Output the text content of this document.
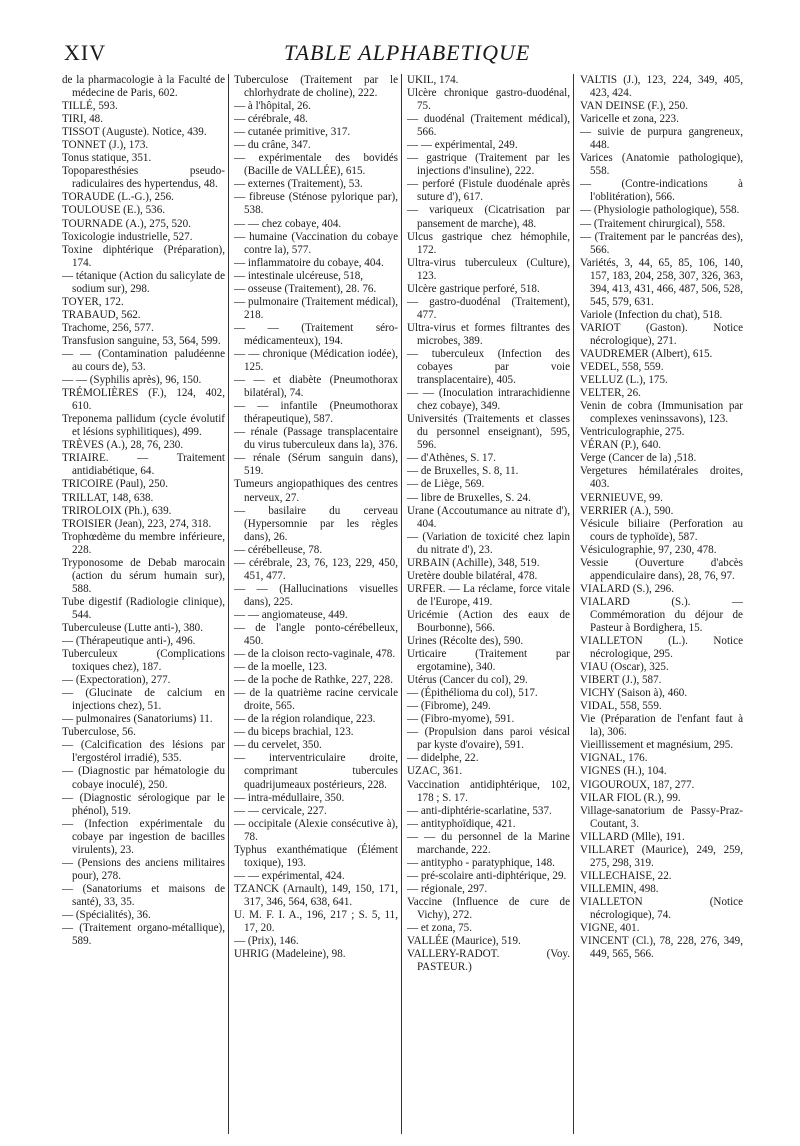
XIV	TABLE ALPHABETIQUE

de la pharmacologie à la Faculté de médecine de Paris, 602.

TILLÉ, 593.

TIRI, 48.

TISSOT (Auguste). Notice, 439.

TONNET (J.), 173.

Tonus statique, 351.

Topoparesthésies pseudo-radiculaires des hypertendus, 48.

TORAUDE (L.-G.), 256.

TOULOUSE (E.), 536.

TOURNADE (A.), 275, 520.

Toxicologie industrielle, 527.

Toxine diphtérique (Préparation), 174.

— tétanique (Action du salicylate de sodium sur), 298.

TOYER, 172.

TRABAUD, 562.

Trachome, 256, 577.

Transfusion sanguine, 53, 564, 599.

— — (Contamination paludéenne au cours de), 53.

— — (Syphilis après), 96, 150.

TRÉMOLIÈRES (F.), 124, 402, 610.

Treponema pallidum (cycle évolutif et lésions syphilitiques), 499.

TRÈVES (A.), 28, 76, 230.

TRIAIRE. — Traitement antidiabétique, 64.

TRICOIRE (Paul), 250.

TRILLAT, 148, 638.

TRIROLOIX (Ph.), 639.

TROISIER (Jean), 223, 274, 318.

Trophœdème du membre inférieure, 228.

Tryponosome de Debab marocain (action du sérum humain sur), 588.

Tube digestif (Radiologie clinique), 544.

Tuberculeuse (Lutte anti-), 380.

— (Thérapeutique anti-), 496.

Tuberculeux (Complications toxiques chez), 187.

— (Expectoration), 277.

— (Glucinate de calcium en injections chez), 51.

— pulmonaires (Sanatoriums) 11.

Tuberculose, 56.

— (Calcification des lésions par l'ergostérol irradié), 535.

— (Diagnostic par hématologie du cobaye inoculé), 250.

— (Diagnostic sérologique par le phénol), 519.

— (Infection expérimentale du cobaye par ingestion de bacilles virulents), 23.

— (Pensions des anciens militaires pour), 278.

— (Sanatoriums et maisons de santé), 33, 35.

— (Spécialités), 36.

— (Traitement organo-métallique), 589.

Tuberculose (Traitement par le chlorhydrate de choline), 222.

— à l'hôpital, 26.

— cérébrale, 48.

— cutanée primitive, 317.

— du crâne, 347.

— expérimentale des bovidés (Bacille de VALLÉE), 615.

— externes (Traitement), 53.

— fibreuse (Sténose pylorique par), 538.

— — chez cobaye, 404.

— humaine (Vaccination du cobaye contre la), 577.

— inflammatoire du cobaye, 404.

— intestinale ulcéreuse, 518,

— osseuse (Traitement), 28. 76.

— pulmonaire (Traitement médical), 218.

— — (Traitement séro-médicamenteux), 194.

— — chronique (Médication iodée), 125.

— — et diabète (Pneumothorax bilatéral), 74.

— — infantile (Pneumothorax thérapeutique), 587.

— rénale (Passage transplacentaire du virus tuberculeux dans la), 376.

— rénale (Sérum sanguin dans), 519.

Tumeurs angiopathiques des centres nerveux, 27.

— basilaire du cerveau (Hypersomnie par les règles dans), 26.

— cérébelleuse, 78.

— cérébrale, 23, 76, 123, 229, 450, 451, 477.

— — (Hallucinations visuelles dans), 225.

— — angiomateuse, 449.

— de l'angle ponto-cérébelleux, 450.

— de la cloison recto-vaginale, 478.

— de la moelle, 123.

— de la poche de Rathke, 227, 228.

— de la quatrième racine cervicale droite, 565.

— de la région rolandique, 223.

— du biceps brachial, 123.

— du cervelet, 350.

— interventriculaire droite, comprimant tubercules quadrijumeaux postérieurs, 228.

— intra-médullaire, 350.

— — cervicale, 227.

— occipitale (Alexie consécutive à), 78.

Typhus exanthématique (Élément toxique), 193.

— — expérimental, 424.

TZANCK (Arnault), 149, 150, 171, 317, 346, 564, 638, 641.

U. M. F. I. A., 196, 217 ; S. 5, 11, 17, 20.

— (Prix), 146.

UHRIG (Madeleine), 98.

UKIL, 174.

Ulcère chronique gastro-duodénal, 75.

— duodénal (Traitement médical), 566.

— — expérimental, 249.

— gastrique (Traitement par les injections d'insuline), 222.

— perforé (Fistule duodénale après suture d'), 617.

— variqueux (Cicatrisation par pansement de marche), 48.

Ulcus gastrique chez hémophile, 172.

Ultra-virus tuberculeux (Culture), 123.

Ulcère gastrique perforé, 518.

— gastro-duodénal (Traitement), 477.

Ultra-virus et formes filtrantes des microbes, 389.

— tuberculeux (Infection des cobayes par voie transplacentaire), 405.

— — (Inoculation intrarachidienne chez cobaye), 349.

Universités (Traitements et classes du personnel enseignant), 595, 596.

— d'Athènes, S. 17.

— de Bruxelles, S. 8, 11.

— de Liège, 569.

— libre de Bruxelles, S. 24.

Urane (Accoutumance au nitrate d'), 404.

— (Variation de toxicité chez lapin du nitrate d'), 23.

URBAIN (Achille), 348, 519.

Uretère double bilatéral, 478.

URFER. — La réclame, force vitale de l'Europe, 419.

Uricémie (Action des eaux de Bourbonne), 566.

Urines (Récolte des), 590.

Urticaire (Traitement par ergotamine), 340.

Utérus (Cancer du col), 29.

— (Épithélioma du col), 517.

— (Fibrome), 249.

— (Fibro-myome), 591.

— (Propulsion dans paroi vésical par kyste d'ovaire), 591.

— didelphe, 22.

UZAC, 361.

Vaccination antidiphtérique, 102, 178 ; S. 17.

— anti-diphtérie-scarlatine, 537.

— antityphoïdique, 421.

— — du personnel de la Marine marchande, 222.

— antitypho - paratyphique, 148.

— pré-scolaire anti-diphtérique, 29.

— régionale, 297.

Vaccine (Influence de cure de Vichy), 272.

— et zona, 75.

VALLÉE (Maurice), 519.

VALLERY-RADOT. (Voy. PASTEUR.)

VALTIS (J.), 123, 224, 349, 405, 423, 424.

VAN DEINSE (F.), 250.

Varicelle et zona, 223.

— suivie de purpura gangreneux, 448.

Varices (Anatomie pathologique), 558.

— (Contre-indications à l'oblitération), 566.

— (Physiologie pathologique), 558.

— (Traitement chirurgical), 558.

— (Traitement par le pancréas des), 566.

Variétés, 3, 44, 65, 85, 106, 140, 157, 183, 204, 258, 307, 326, 363, 394, 413, 431, 466, 487, 506, 528, 545, 579, 631.

Variole (Infection du chat), 518.

VARIOT (Gaston). Notice nécrologique), 271.

VAUDREMER (Albert), 615.

VEDEL, 558, 559.

VELLUZ (L.), 175.

VELTER, 26.

Venin de cobra (Immunisation par complexes veninssavons), 123.

Ventriculographie, 275.

VÉRAN (P.), 640.

Verge (Cancer de la) ,518.

Vergetures hémilatérales droites, 403.

VERNIEUVE, 99.

VERRIER (A.), 590.

Vésicule biliaire (Perforation au cours de typhoïde), 587.

Vésiculographie, 97, 230, 478.

Vessie (Ouverture d'abcès appendiculaire dans), 28, 76, 97.

VIALARD (S.), 296.

VIALARD (S.). — Commémoration du déjour de Pasteur à Bordighera, 15.

VIALLETON (L.). Notice nécrologique, 295.

VIAU (Oscar), 325.

VIBERT (J.), 587.

VICHY (Saison à), 460.

VIDAL, 558, 559.

Vie (Préparation de l'enfant faut à la), 306.

Vieillissement et magnésium, 295.

VIGNAL, 176.

VIGNES (H.), 104.

VIGOUROUX, 187, 277.

VILAR FIOL (R.), 99.

Village-sanatorium de Passy-Praz-Coutant, 3.

VILLARD (Mlle), 191.

VILLARET (Maurice), 249, 259, 275, 298, 319.

VILLECHAISE, 22.

VILLEMIN, 498.

VIALLETON (Notice nécrologique), 74.

VIGNE, 401.

VINCENT (Cl.), 78, 228, 276, 349, 449, 565, 566.
